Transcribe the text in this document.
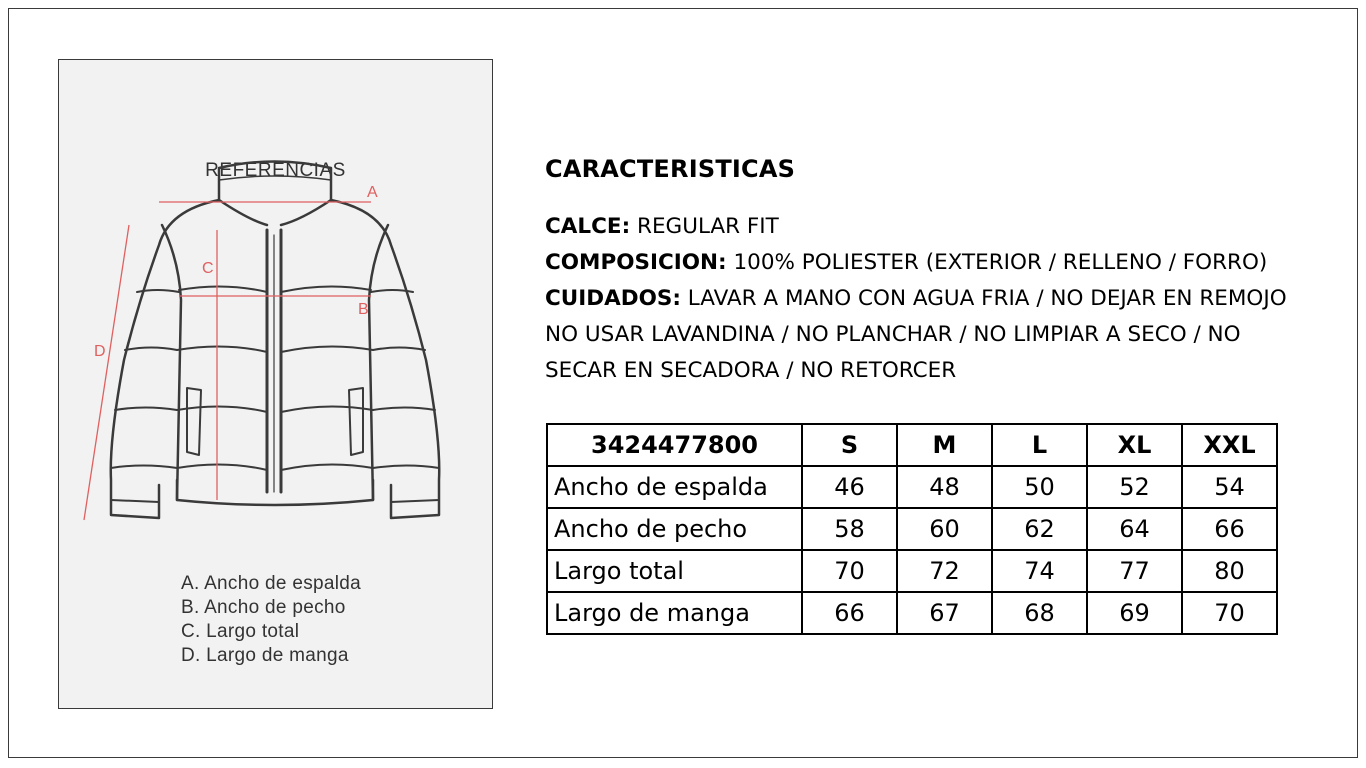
REFERENCIAS
A
B
C
D
A. Ancho de espalda
B. Ancho de pecho
C. Largo total
D. Largo de manga
CARACTERISTICAS
CALCE: REGULAR FIT
COMPOSICION: 100% POLIESTER (EXTERIOR / RELLENO / FORRO)
CUIDADOS: LAVAR A MANO CON AGUA FRIA / NO DEJAR EN REMOJO
NO USAR LAVANDINA / NO PLANCHAR / NO LIMPIAR A SECO / NO
SECAR EN SECADORA / NO RETORCER
3424477800	S	M	L	XL	XXL
Ancho de espalda	46	48	50	52	54
Ancho de pecho	58	60	62	64	66
Largo total	70	72	74	77	80
Largo de manga	66	67	68	69	70
